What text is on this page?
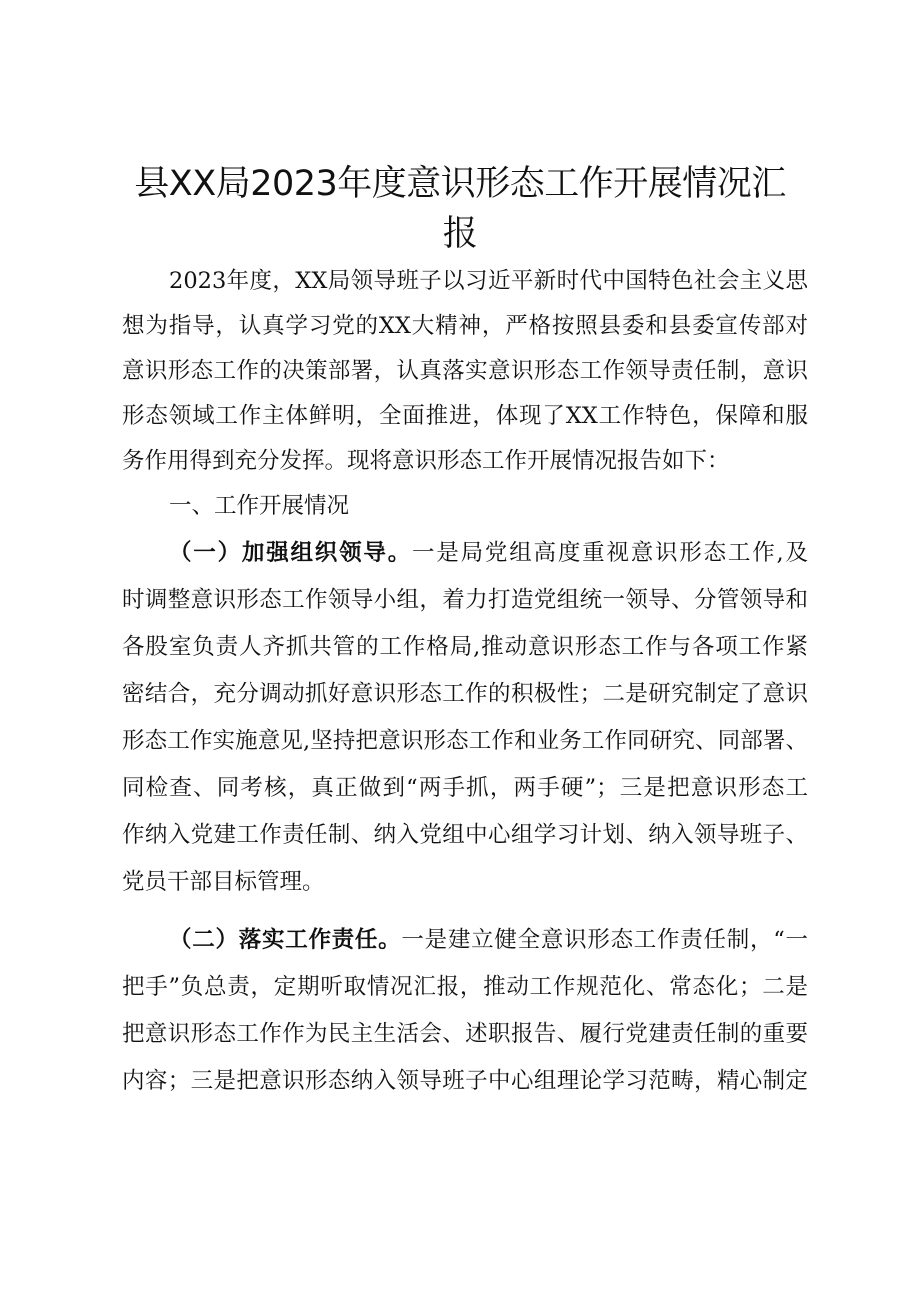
县XX局2023年度意识形态工作开展情况汇
报
2023年度，XX局领导班子以习近平新时代中国特色社会主义思
想为指导，认真学习党的XX大精神，严格按照县委和县委宣传部对
意识形态工作的决策部署，认真落实意识形态工作领导责任制，意识
形态领域工作主体鲜明，全面推进，体现了XX工作特色，保障和服
务作用得到充分发挥。现将意识形态工作开展情况报告如下：
一、工作开展情况
（一）加强组织领导。一是局党组高度重视意识形态工作,及
时调整意识形态工作领导小组，着力打造党组统一领导、分管领导和
各股室负责人齐抓共管的工作格局,推动意识形态工作与各项工作紧
密结合，充分调动抓好意识形态工作的积极性；二是研究制定了意识
形态工作实施意见,坚持把意识形态工作和业务工作同研究、同部署、
同检查、同考核，真正做到“两手抓，两手硬”；三是把意识形态工
作纳入党建工作责任制、纳入党组中心组学习计划、纳入领导班子、
党员干部目标管理。
（二）落实工作责任。一是建立健全意识形态工作责任制，“一
把手”负总责，定期听取情况汇报，推动工作规范化、常态化；二是
把意识形态工作作为民主生活会、述职报告、履行党建责任制的重要
内容；三是把意识形态纳入领导班子中心组理论学习范畴，精心制定
